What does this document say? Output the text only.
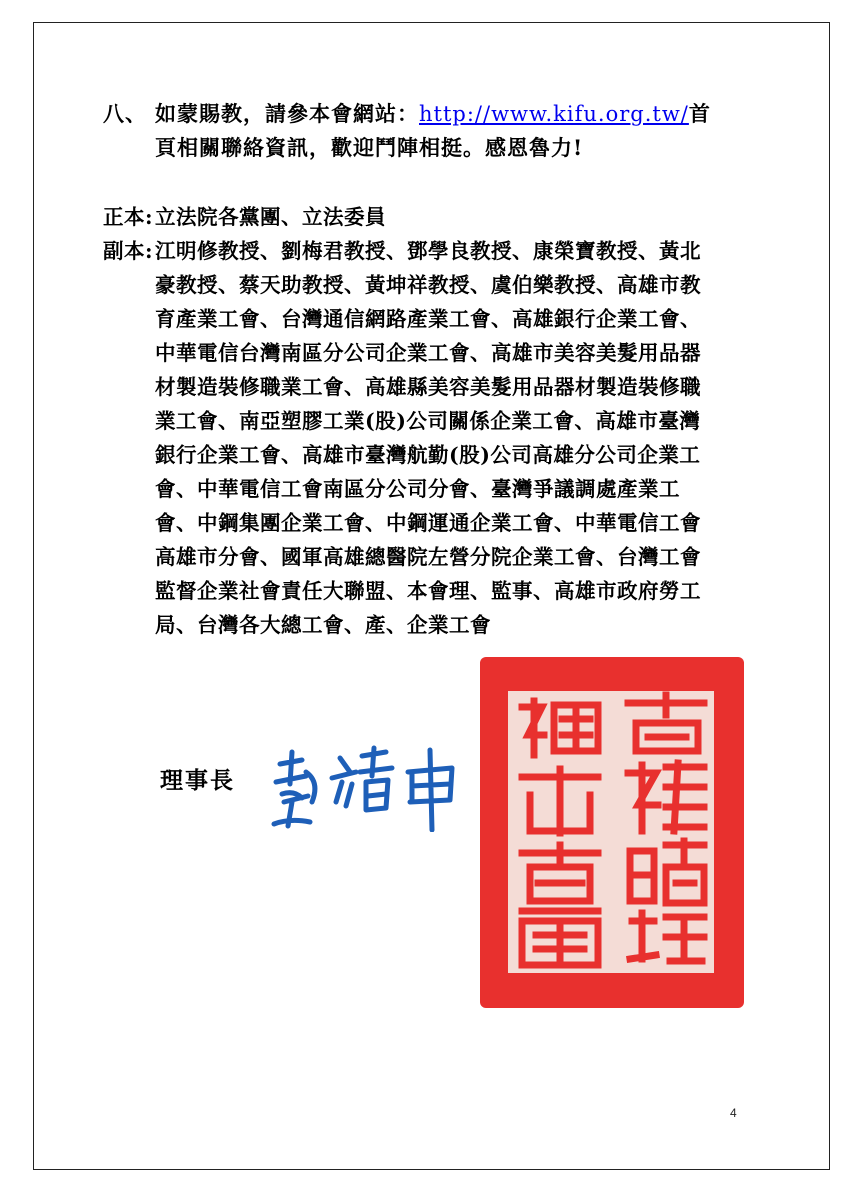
八、 如蒙賜教，請參本會網站：http://www.kifu.org.tw/首
頁相關聯絡資訊，歡迎鬥陣相挺。感恩魯力!
正本: 立法院各黨團、立法委員
副本: 江明修教授、劉梅君教授、鄧學良教授、康榮寶教授、黃北
豪教授、蔡天助教授、黃坤祥教授、虞伯樂教授、高雄市教
育產業工會、台灣通信網路產業工會、高雄銀行企業工會、
中華電信台灣南區分公司企業工會、高雄市美容美髮用品器
材製造裝修職業工會、高雄縣美容美髮用品器材製造裝修職
業工會、南亞塑膠工業(股)公司關係企業工會、高雄市臺灣
銀行企業工會、高雄市臺灣航勤(股)公司高雄分公司企業工
會、中華電信工會南區分公司分會、臺灣爭議調處產業工
會、中鋼集團企業工會、中鋼運通企業工會、中華電信工會
高雄市分會、國軍高雄總醫院左營分院企業工會、台灣工會
監督企業社會責任大聯盟、本會理、監事、高雄市政府勞工
局、台灣各大總工會、產、企業工會
理事長
4
